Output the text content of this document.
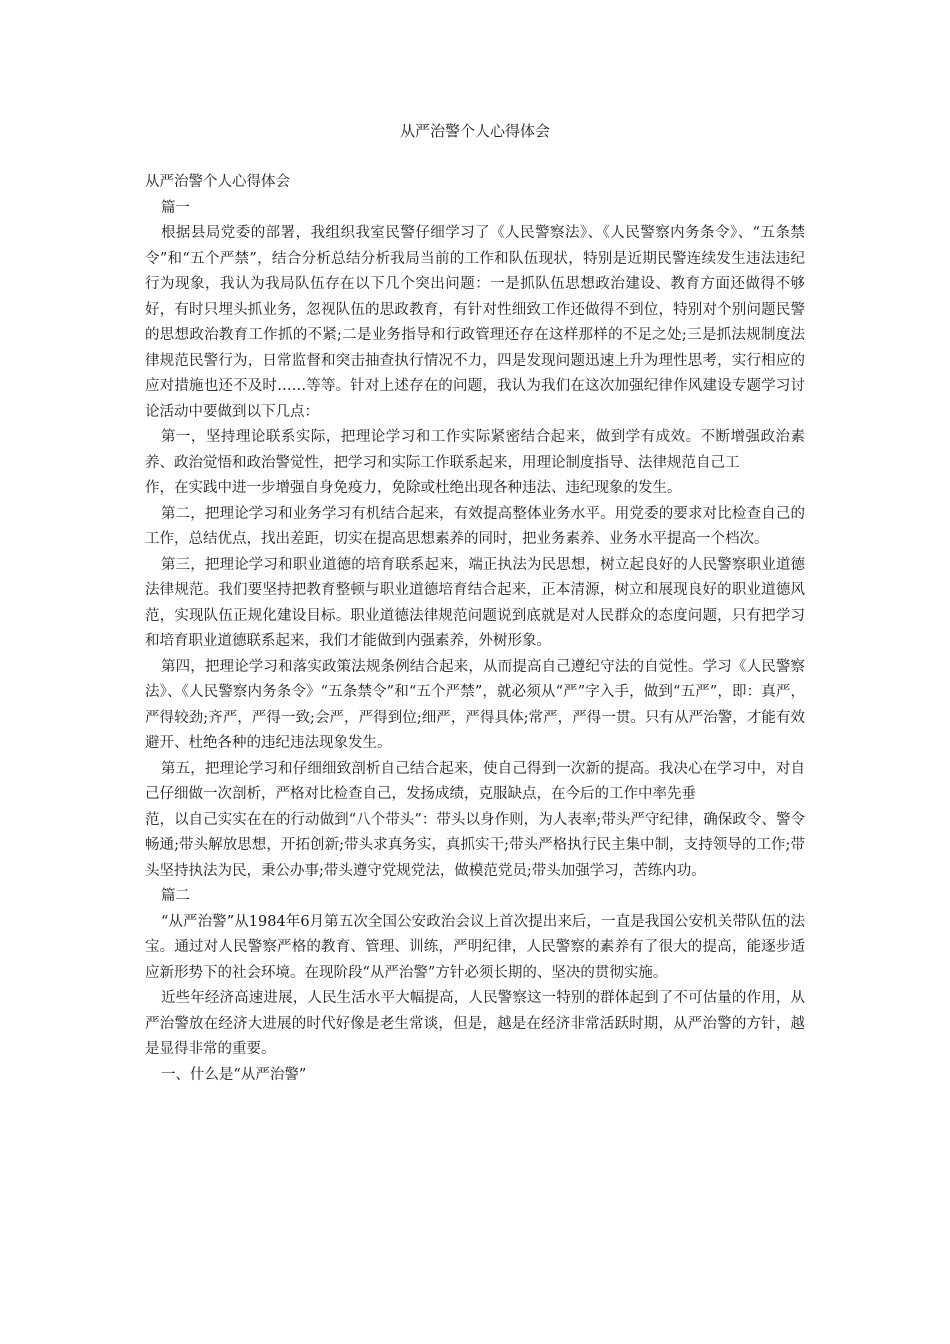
从严治警个人心得体会

从严治警个人心得体会

篇一

根据县局党委的部署，我组织我室民警仔细学习了《人民警察法》、《人民警察内务条令》、“五条禁令”和“五个严禁”，结合分析总结分析我局当前的工作和队伍现状，特别是近期民警连续发生违法违纪行为现象，我认为我局队伍存在以下几个突出问题：一是抓队伍思想政治建设、教育方面还做得不够好，有时只埋头抓业务，忽视队伍的思政教育，有针对性细致工作还做得不到位，特别对个别问题民警的思想政治教育工作抓的不紧;二是业务指导和行政管理还存在这样那样的不足之处;三是抓法规制度法律规范民警行为，日常监督和突击抽查执行情况不力，四是发现问题迅速上升为理性思考，实行相应的应对措施也还不及时……等等。针对上述存在的问题，我认为我们在这次加强纪律作风建设专题学习讨论活动中要做到以下几点：

第一，坚持理论联系实际，把理论学习和工作实际紧密结合起来，做到学有成效。不断增强政治素养、政治觉悟和政治警觉性，把学习和实际工作联系起来，用理论制度指导、法律规范自己工

作，在实践中进一步增强自身免疫力，免除或杜绝出现各种违法、违纪现象的发生。

第二，把理论学习和业务学习有机结合起来，有效提高整体业务水平。用党委的要求对比检查自己的工作，总结优点，找出差距，切实在提高思想素养的同时，把业务素养、业务水平提高一个档次。

第三，把理论学习和职业道德的培育联系起来，端正执法为民思想，树立起良好的人民警察职业道德法律规范。我们要坚持把教育整顿与职业道德培育结合起来，正本清源，树立和展现良好的职业道德风范，实现队伍正规化建设目标。职业道德法律规范问题说到底就是对人民群众的态度问题，只有把学习和培育职业道德联系起来，我们才能做到内强素养，外树形象。

第四，把理论学习和落实政策法规条例结合起来，从而提高自己遵纪守法的自觉性。学习《人民警察法》、《人民警察内务条令》“五条禁令”和“五个严禁”，就必须从“严”字入手，做到“五严”，即：真严，严得较劲;齐严，严得一致;会严，严得到位;细严，严得具体;常严，严得一贯。只有从严治警，才能有效避开、杜绝各种的违纪违法现象发生。

第五，把理论学习和仔细细致剖析自己结合起来，使自己得到一次新的提高。我决心在学习中，对自己仔细做一次剖析，严格对比检查自己，发扬成绩，克服缺点，在今后的工作中率先垂

范，以自己实实在在的行动做到“八个带头”：带头以身作则，为人表率;带头严守纪律，确保政令、警令畅通;带头解放思想，开拓创新;带头求真务实，真抓实干;带头严格执行民主集中制，支持领导的工作;带头坚持执法为民，秉公办事;带头遵守党规党法，做模范党员;带头加强学习，苦练内功。

篇二

“从严治警”从1984年6月第五次全国公安政治会议上首次提出来后，一直是我国公安机关带队伍的法宝。通过对人民警察严格的教育、管理、训练，严明纪律，人民警察的素养有了很大的提高，能逐步适应新形势下的社会环境。在现阶段“从严治警”方针必须长期的、坚决的贯彻实施。

近些年经济高速进展，人民生活水平大幅提高，人民警察这一特别的群体起到了不可估量的作用，从严治警放在经济大进展的时代好像是老生常谈，但是，越是在经济非常活跃时期，从严治警的方针，越是显得非常的重要。

一、什么是“从严治警”
